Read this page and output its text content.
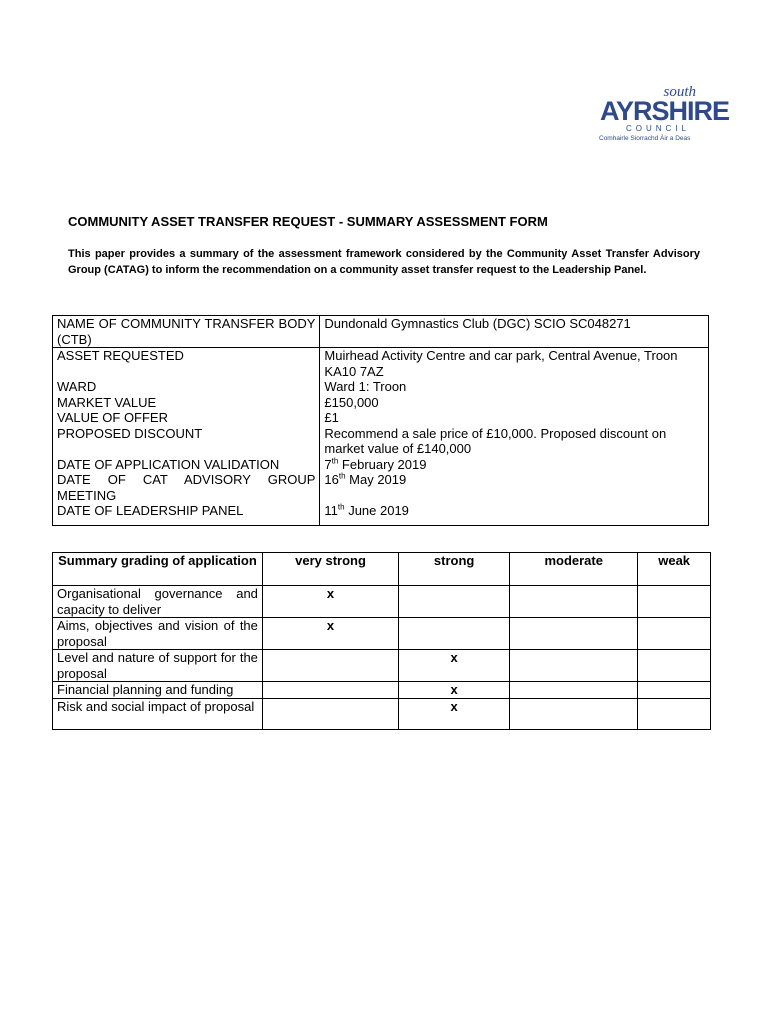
south
AYRSHIRE
COUNCIL
Comhairle Siorrachd Àir a Deas
COMMUNITY ASSET TRANSFER REQUEST - SUMMARY ASSESSMENT FORM
This paper provides a summary of the assessment framework considered by the Community Asset Transfer Advisory Group (CATAG) to inform the recommendation on a community asset transfer request to the Leadership Panel.
NAME OF COMMUNITY TRANSFER BODY (CTB)	Dundonald Gymnastics Club (DGC) SCIO SC048271
ASSET REQUESTED	Muirhead Activity Centre and car park, Central Avenue, Troon KA10 7AZ
WARD	Ward 1: Troon
MARKET VALUE	£150,000
VALUE OF OFFER	£1
PROPOSED DISCOUNT	Recommend a sale price of £10,000. Proposed discount on market value of £140,000
DATE OF APPLICATION VALIDATION	7th February 2019
DATE OF CAT ADVISORY GROUP MEETING	16th May 2019
DATE OF LEADERSHIP PANEL	11th June 2019
Summary grading of application	very strong	strong	moderate	weak
Organisational governance and capacity to deliver	x			
Aims, objectives and vision of the proposal	x			
Level and nature of support for the proposal		x		
Financial planning and funding		x		
Risk and social impact of proposal		x		
